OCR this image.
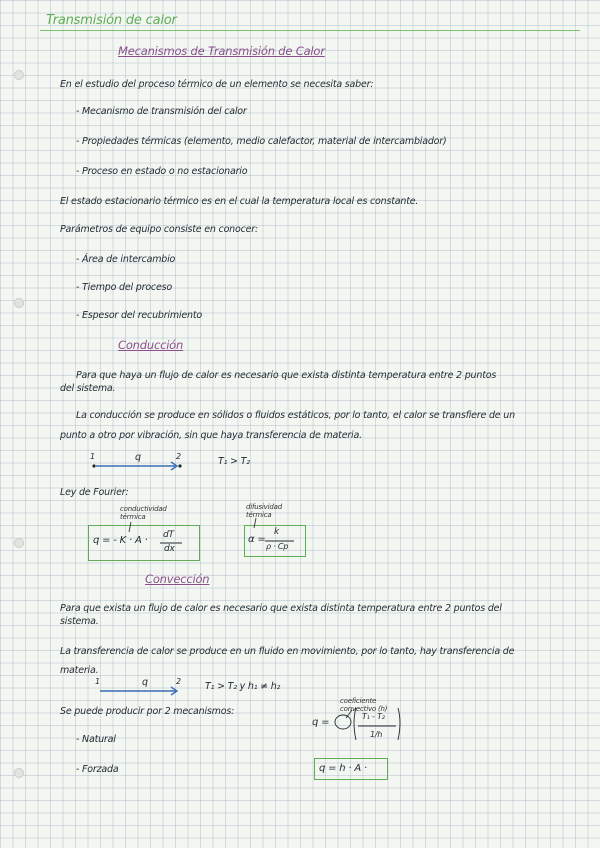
Transmisión de calor
Mecanismos de Transmisión de Calor
En el estudio del proceso térmico de un elemento se necesita saber:
- Mecanismo de transmisión del calor
- Propiedades térmicas (elemento, medio calefactor, material de intercambiador)
- Proceso en estado o no estacionario
El estado estacionario térmico es en el cual la temperatura local es constante.
Parámetros de equipo consiste en conocer:
- Área de intercambio
- Tiempo del proceso
- Espesor del recubrimiento
Conducción
Para que haya un flujo de calor es necesario que exista distinta temperatura entre 2 puntos
del sistema.
La conducción se produce en sólidos o fluidos estáticos, por lo tanto, el calor se transfiere de un
punto a otro por vibración, sin que haya transferencia de materia.
1	q	2	T₁ > T₂
Ley de Fourier:
conductividad térmica
difusividad térmica
q = - K · A · dT
dx
α =
k
ρ · Cp
Convección
Para que exista un flujo de calor es necesario que exista distinta temperatura entre 2 puntos del
sistema.
La transferencia de calor se produce en un fluido en movimiento, por lo tanto, hay transferencia de
materia.
1	q	2	T₁ > T₂ y h₁ ≠ h₂
Se puede producir por 2 mecanismos:
- Natural
- Forzada
coeficiente convectivo (h)
q =
T₁ - T₂
1/h
q = h · A ·
